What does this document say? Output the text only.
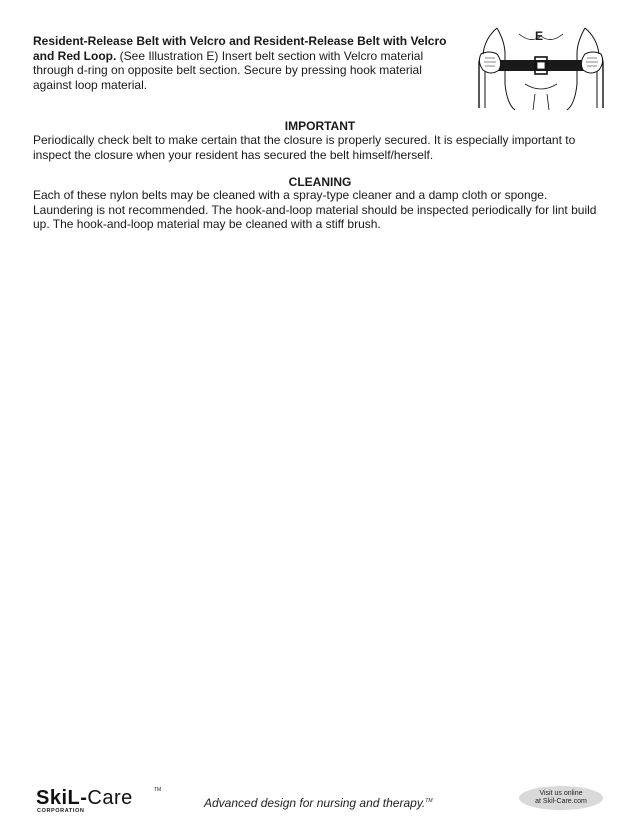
Resident-Release Belt with Velcro and Resident-Release Belt with Velcro and Red Loop. (See Illustration E) Insert belt section with Velcro material through d-ring on opposite belt section. Secure by pressing hook material against loop material.

E
IMPORTANT

Periodically check belt to make certain that the closure is properly secured. It is especially important to inspect the closure when your resident has secured the belt himself/herself.

CLEANING

Each of these nylon belts may be cleaned with a spray-type cleaner and a damp cloth or sponge. Laundering is not recommended. The hook-and-loop material should be inspected periodically for lint build up. The hook-and-loop material may be cleaned with a stiff brush.

SkiL-Care	TM
CORPORATION
Advanced design for nursing and therapy.™
Visit us online
at Skil-Care.com
